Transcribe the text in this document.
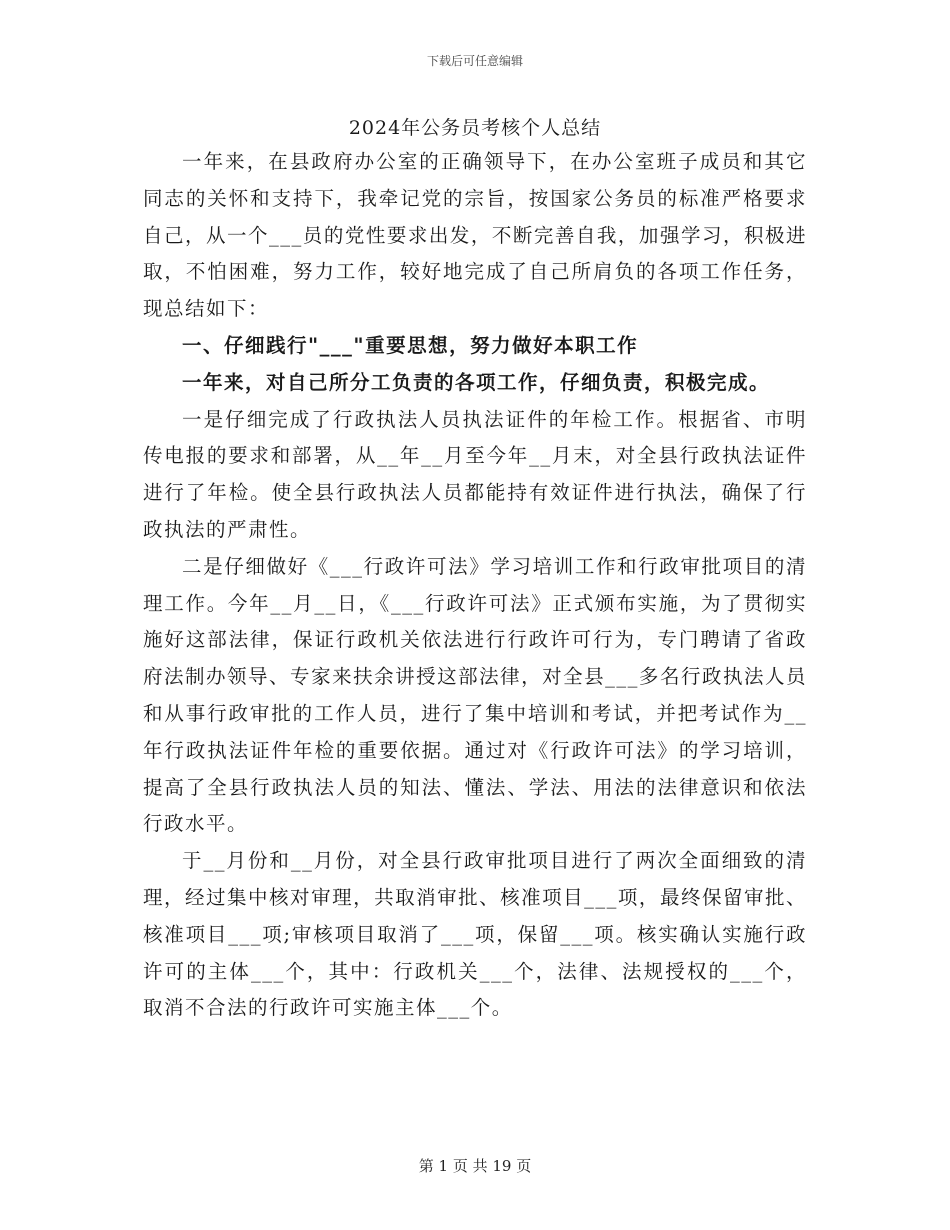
下载后可任意编辑
2024年公务员考核个人总结

一年来，在县政府办公室的正确领导下，在办公室班子成员和其它同志的关怀和支持下，我牵记党的宗旨，按国家公务员的标准严格要求自己，从一个___员的党性要求出发，不断完善自我，加强学习，积极进取，不怕困难，努力工作，较好地完成了自己所肩负的各项工作任务，现总结如下：

一、仔细践行"___"重要思想，努力做好本职工作

一年来，对自己所分工负责的各项工作，仔细负责，积极完成。

一是仔细完成了行政执法人员执法证件的年检工作。根据省、市明传电报的要求和部署，从__年__月至今年__月末，对全县行政执法证件进行了年检。使全县行政执法人员都能持有效证件进行执法，确保了行政执法的严肃性。

二是仔细做好《___行政许可法》学习培训工作和行政审批项目的清理工作。今年__月__日，《___行政许可法》正式颁布实施，为了贯彻实施好这部法律，保证行政机关依法进行行政许可行为，专门聘请了省政府法制办领导、专家来扶余讲授这部法律，对全县___多名行政执法人员和从事行政审批的工作人员，进行了集中培训和考试，并把考试作为__年行政执法证件年检的重要依据。通过对《行政许可法》的学习培训，提高了全县行政执法人员的知法、懂法、学法、用法的法律意识和依法行政水平。

于__月份和__月份，对全县行政审批项目进行了两次全面细致的清理，经过集中核对审理，共取消审批、核准项目___项，最终保留审批、核准项目___项;审核项目取消了___项，保留___项。核实确认实施行政许可的主体___个，其中：行政机关___个，法律、法规授权的___个，取消不合法的行政许可实施主体___个。

第 1 页 共 19 页
